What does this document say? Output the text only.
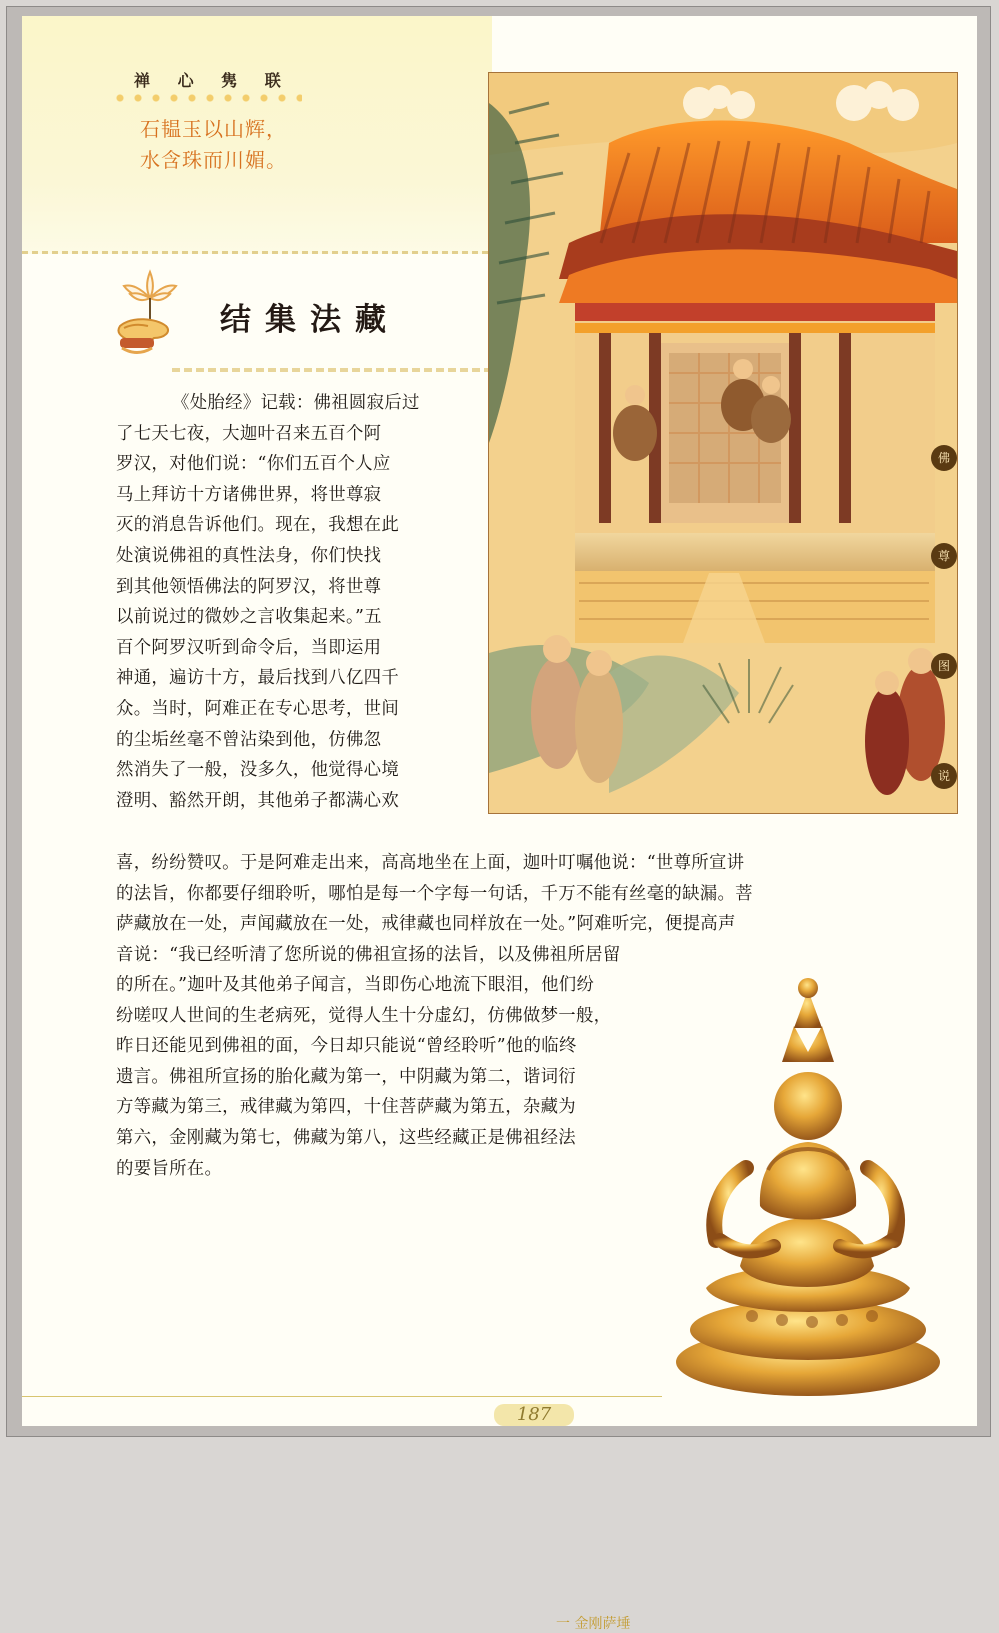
禅 心 隽 联
石韫玉以山辉，
水含珠而川媚。
结集法藏
佛
尊
图
说
《处胎经》记载：佛祖圆寂后过
了七天七夜，大迦叶召来五百个阿
罗汉，对他们说：“你们五百个人应
马上拜访十方诸佛世界，将世尊寂
灭的消息告诉他们。现在，我想在此
处演说佛祖的真性法身，你们快找
到其他领悟佛法的阿罗汉，将世尊
以前说过的微妙之言收集起来。”五
百个阿罗汉听到命令后，当即运用
神通，遍访十方，最后找到八亿四千
众。当时，阿难正在专心思考，世间
的尘垢丝毫不曾沾染到他，仿佛忽
然消失了一般，没多久，他觉得心境
澄明、豁然开朗，其他弟子都满心欢
喜，纷纷赞叹。于是阿难走出来，高高地坐在上面，迦叶叮嘱他说：“世尊所宣讲
的法旨，你都要仔细聆听，哪怕是每一个字每一句话，千万不能有丝毫的缺漏。菩
萨藏放在一处，声闻藏放在一处，戒律藏也同样放在一处。”阿难听完，便提高声
音说：“我已经听清了您所说的佛祖宣扬的法旨，以及佛祖所居留
的所在。”迦叶及其他弟子闻言，当即伤心地流下眼泪，他们纷
纷嗟叹人世间的生老病死，觉得人生十分虚幻，仿佛做梦一般，
昨日还能见到佛祖的面，今日却只能说“曾经聆听”他的临终
遗言。佛祖所宣扬的胎化藏为第一，中阴藏为第二，谐词衍
方等藏为第三，戒律藏为第四，十住菩萨藏为第五，杂藏为
第六，金刚藏为第七，佛藏为第八，这些经藏正是佛祖经法
的要旨所在。
一 金刚萨埵
187
